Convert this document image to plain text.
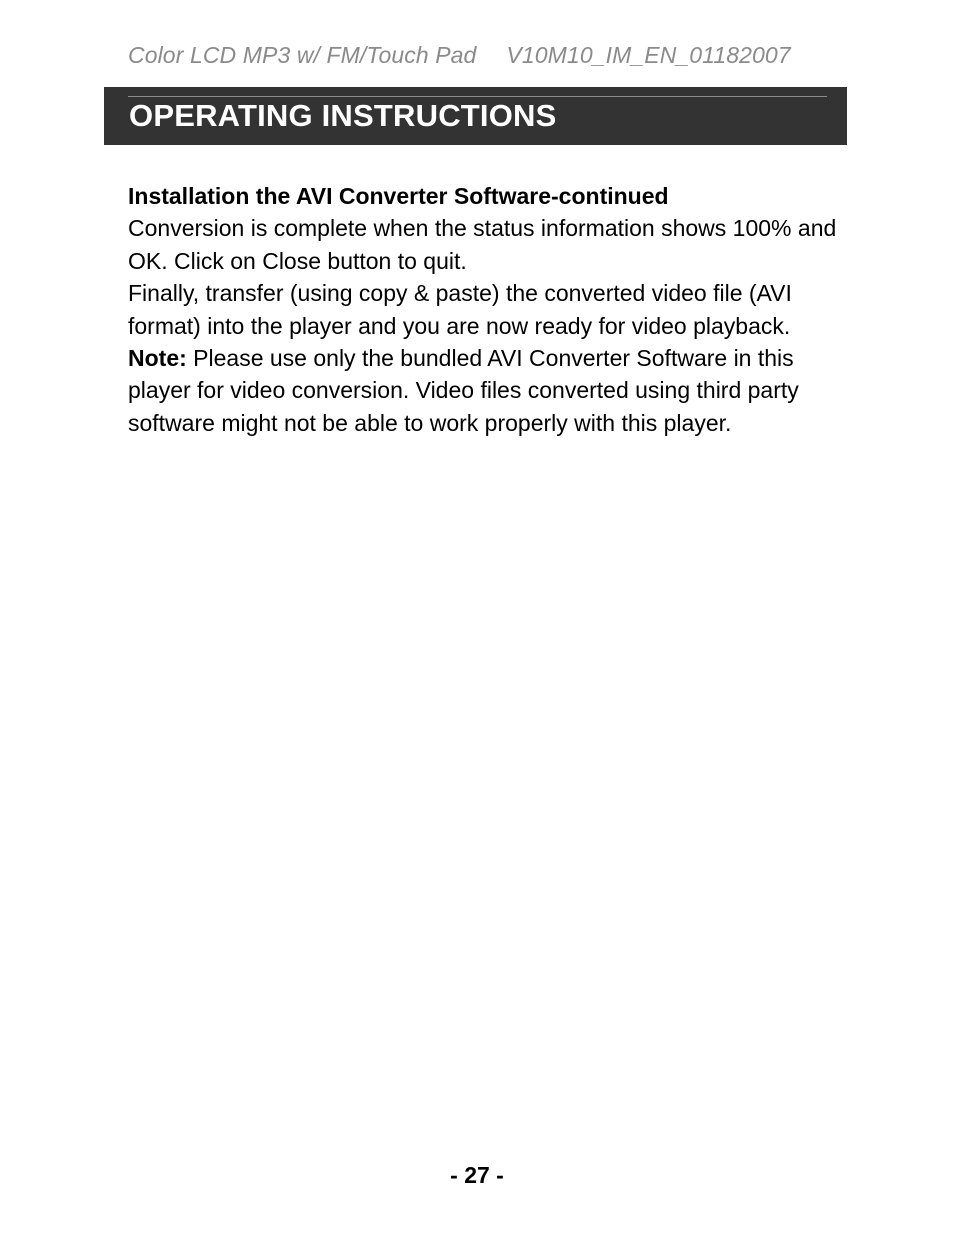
Color LCD MP3 w/ FM/Touch Pad V10M10_IM_EN_01182007
OPERATING INSTRUCTIONS

Installation the AVI Converter Software-continued

Conversion is complete when the status information shows 100% and OK. Click on Close button to quit.

Finally, transfer (using copy & paste) the converted video file (AVI format) into the player and you are now ready for video playback.

Note: Please use only the bundled AVI Converter Software in this player for video conversion. Video files converted using third party software might not be able to work properly with this player.

- 27 -
